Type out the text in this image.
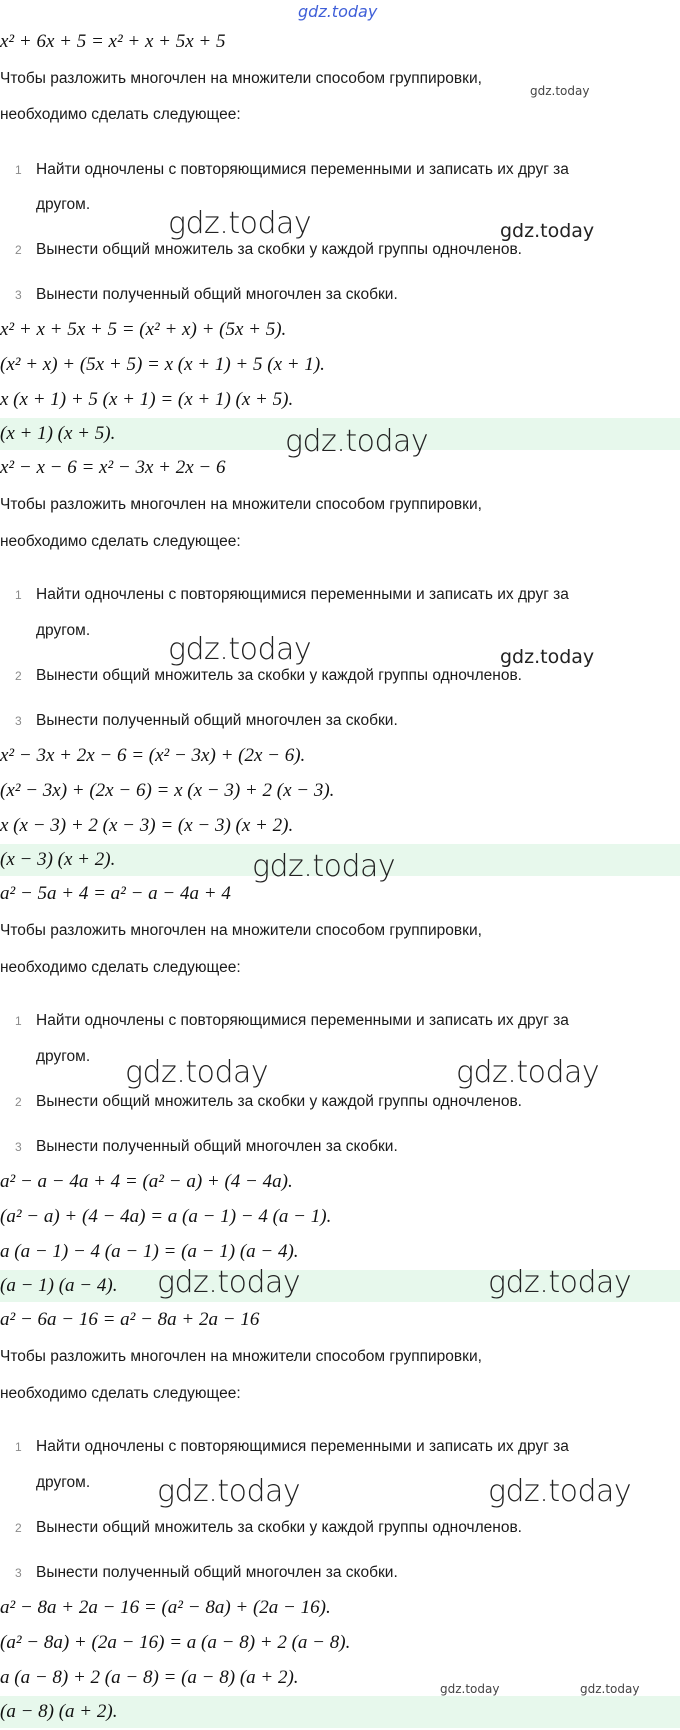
gdz.today
x² + 6x + 5 = x² + x + 5x + 5
Чтобы разложить многочлен на множители способом группировки,
gdz.today
необходимо сделать следующее:
1 Найти одночлены с повторяющимися переменными и записать их друг за
другом.
gdz.today	gdz.today
2 Вынести общий множитель за скобки у каждой группы одночленов.
3 Вынести полученный общий многочлен за скобки.
x² + x + 5x + 5 = (x² + x) + (5x + 5).
(x² + x) + (5x + 5) = x (x + 1) + 5 (x + 1).
x (x + 1) + 5 (x + 1) = (x + 1) (x + 5).
(x + 1) (x + 5).	gdz.today
x² − x − 6 = x² − 3x + 2x − 6
Чтобы разложить многочлен на множители способом группировки,
необходимо сделать следующее:
1 Найти одночлены с повторяющимися переменными и записать их друг за
другом.
gdz.today	gdz.today
2 Вынести общий множитель за скобки у каждой группы одночленов.
3 Вынести полученный общий многочлен за скобки.
x² − 3x + 2x − 6 = (x² − 3x) + (2x − 6).
(x² − 3x) + (2x − 6) = x (x − 3) + 2 (x − 3).
x (x − 3) + 2 (x − 3) = (x − 3) (x + 2).
(x − 3) (x + 2).	gdz.today
a² − 5a + 4 = a² − a − 4a + 4
Чтобы разложить многочлен на множители способом группировки,
необходимо сделать следующее:
1 Найти одночлены с повторяющимися переменными и записать их друг за
другом. gdz.today	gdz.today
2 Вынести общий множитель за скобки у каждой группы одночленов.
3 Вынести полученный общий многочлен за скобки.
a² − a − 4a + 4 = (a² − a) + (4 − 4a).
(a² − a) + (4 − 4a) = a (a − 1) − 4 (a − 1).
a (a − 1) − 4 (a − 1) = (a − 1) (a − 4).
(a − 1) (a − 4).	gdz.today	gdz.today
a² − 6a − 16 = a² − 8a + 2a − 16
Чтобы разложить многочлен на множители способом группировки,
необходимо сделать следующее:
1 Найти одночлены с повторяющимися переменными и записать их друг за
другом. gdz.today	gdz.today
2 Вынести общий множитель за скобки у каждой группы одночленов.
3 Вынести полученный общий многочлен за скобки.
a² − 8a + 2a − 16 = (a² − 8a) + (2a − 16).
(a² − 8a) + (2a − 16) = a (a − 8) + 2 (a − 8).
a (a − 8) + 2 (a − 8) = (a − 8) (a + 2).
gdz.today	gdz.today
(a − 8) (a + 2).
